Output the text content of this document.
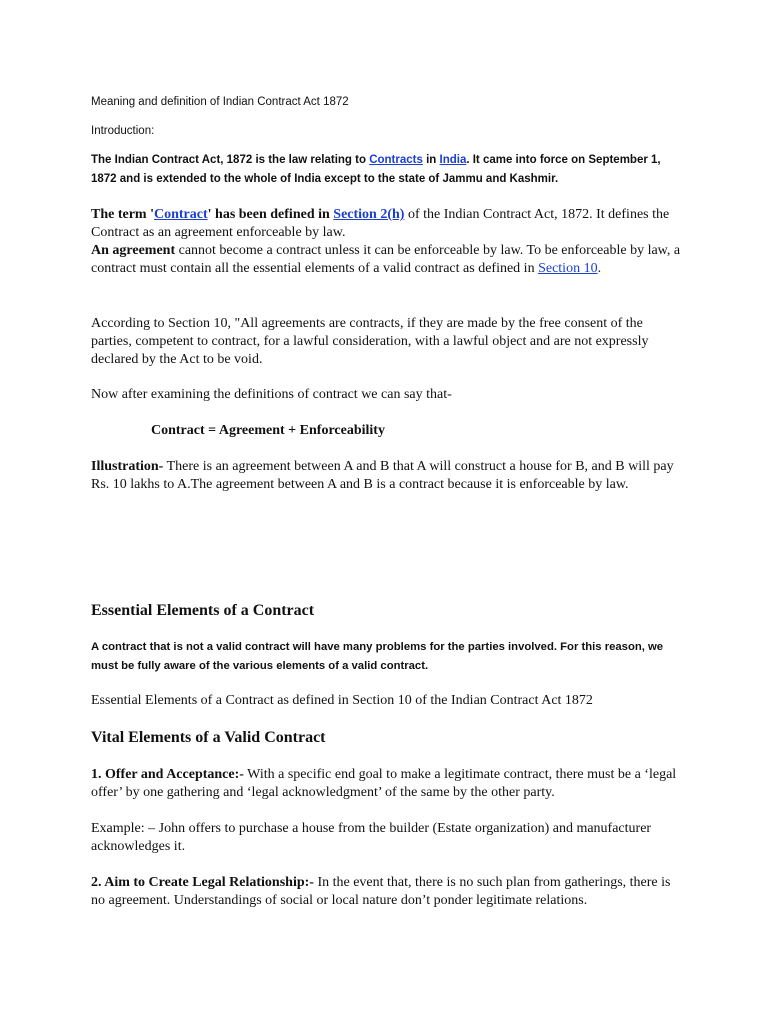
Meaning and definition of Indian Contract Act 1872

Introduction:

The Indian Contract Act, 1872 is the law relating to Contracts in India. It came into force on September 1, 1872 and is extended to the whole of India except to the state of Jammu and Kashmir.

The term 'Contract' has been defined in Section 2(h) of the Indian Contract Act, 1872. It defines the Contract as an agreement enforceable by law.
An agreement cannot become a contract unless it can be enforceable by law. To be enforceable by law, a contract must contain all the essential elements of a valid contract as defined in Section 10.

According to Section 10, "All agreements are contracts, if they are made by the free consent of the parties, competent to contract, for a lawful consideration, with a lawful object and are not expressly declared by the Act to be void.

Now after examining the definitions of contract we can say that-

Contract = Agreement + Enforceability

Illustration- There is an agreement between A and B that A will construct a house for B, and B will pay Rs. 10 lakhs to A.The agreement between A and B is a contract because it is enforceable by law.

Essential Elements of a Contract

A contract that is not a valid contract will have many problems for the parties involved. For this reason, we must be fully aware of the various elements of a valid contract.

Essential Elements of a Contract as defined in Section 10 of the Indian Contract Act 1872

Vital Elements of a Valid Contract

1. Offer and Acceptance:- With a specific end goal to make a legitimate contract, there must be a ‘legal offer’ by one gathering and ‘legal acknowledgment’ of the same by the other party.

Example: – John offers to purchase a house from the builder (Estate organization) and manufacturer acknowledges it.

2. Aim to Create Legal Relationship:- In the event that, there is no such plan from gatherings, there is no agreement. Understandings of social or local nature don’t ponder legitimate relations.
